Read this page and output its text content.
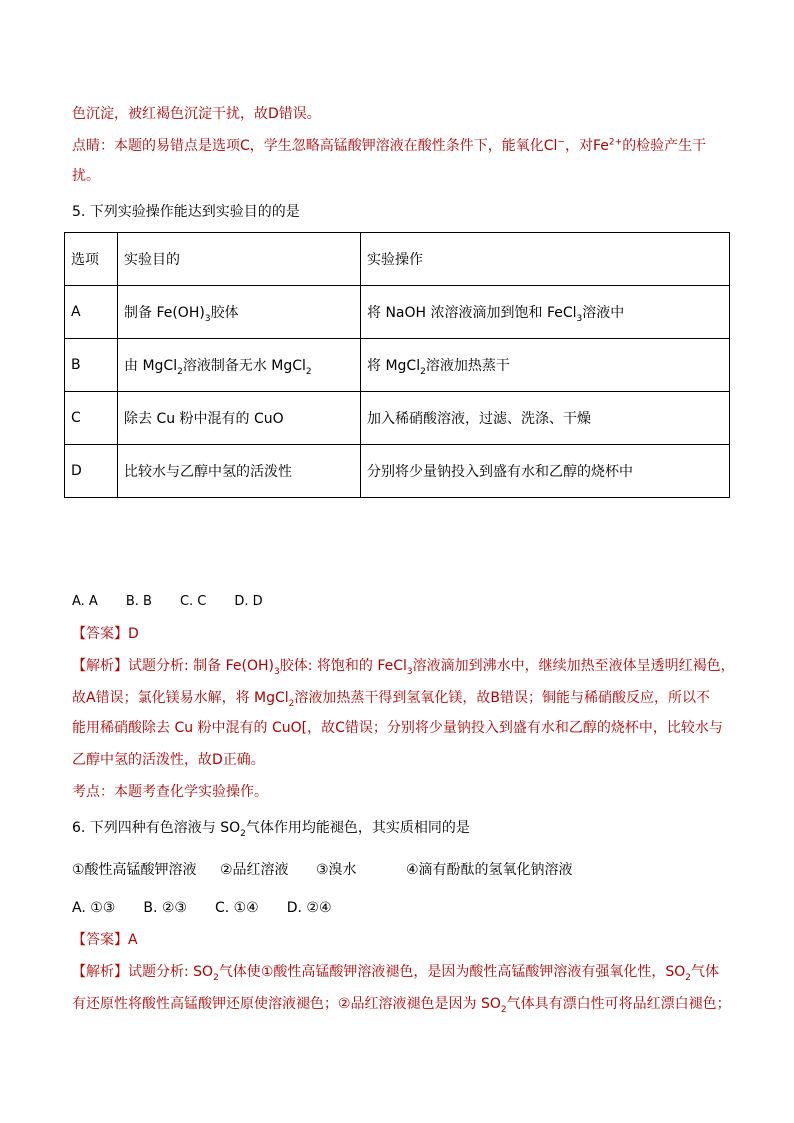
色沉淀，被红褐色沉淀干扰，故D错误。
点睛：本题的易错点是选项C，学生忽略高锰酸钾溶液在酸性条件下，能氧化Cl−，对$Fe^{2+}$的检验产生干
扰。
5. 下列实验操作能达到实验目的的是
选项	实验目的	实验操作
A	制备 $Fe(OH)_3$胶体	将 NaOH 浓溶液滴加到饱和 FeCl$_3$溶液中
B	由 MgCl$_2$溶液制备无水 MgCl$_2$	将 MgCl$_2$溶液加热蒸干
C	除去 Cu 粉中混有的 CuO	加入稀硝酸溶液，过滤、洗涤、干燥
D	比较水与乙醇中氢的活泼性	分别将少量钠投入到盛有水和乙醇的烧杯中
A. A B. B C. C D. D
【答案】D
【解析】试题分析: 制备 $Fe(OH)_3$胶体: 将饱和的 FeCl$_3$溶液滴加到沸水中，继续加热至液体呈透明红褐色，
故A错误；氯化镁易水解，将 MgCl$_2$溶液加热蒸干得到氢氧化镁，故B错误；铜能与稀硝酸反应，所以不
能用稀硝酸除去 Cu 粉中混有的 CuO[，故C错误；分别将少量钠投入到盛有水和乙醇的烧杯中，比较水与
乙醇中氢的活泼性，故D正确。
考点：本题考查化学实验操作。
6. 下列四种有色溶液与 $SO_2$气体作用均能褪色，其实质相同的是
①酸性高锰酸钾溶液 ②品红溶液 ③溴水	④滴有酚酞的氢氧化钠溶液
A. ①③ B. ②③ C. ①④ D. ②④
【答案】A
【解析】试题分析: $SO_2$气体使①酸性高锰酸钾溶液褪色，是因为酸性高锰酸钾溶液有强氧化性，$SO_2$气体
有还原性将酸性高锰酸钾还原使溶液褪色；②品红溶液褪色是因为 $SO_2$气体具有漂白性可将品红漂白褪色；
